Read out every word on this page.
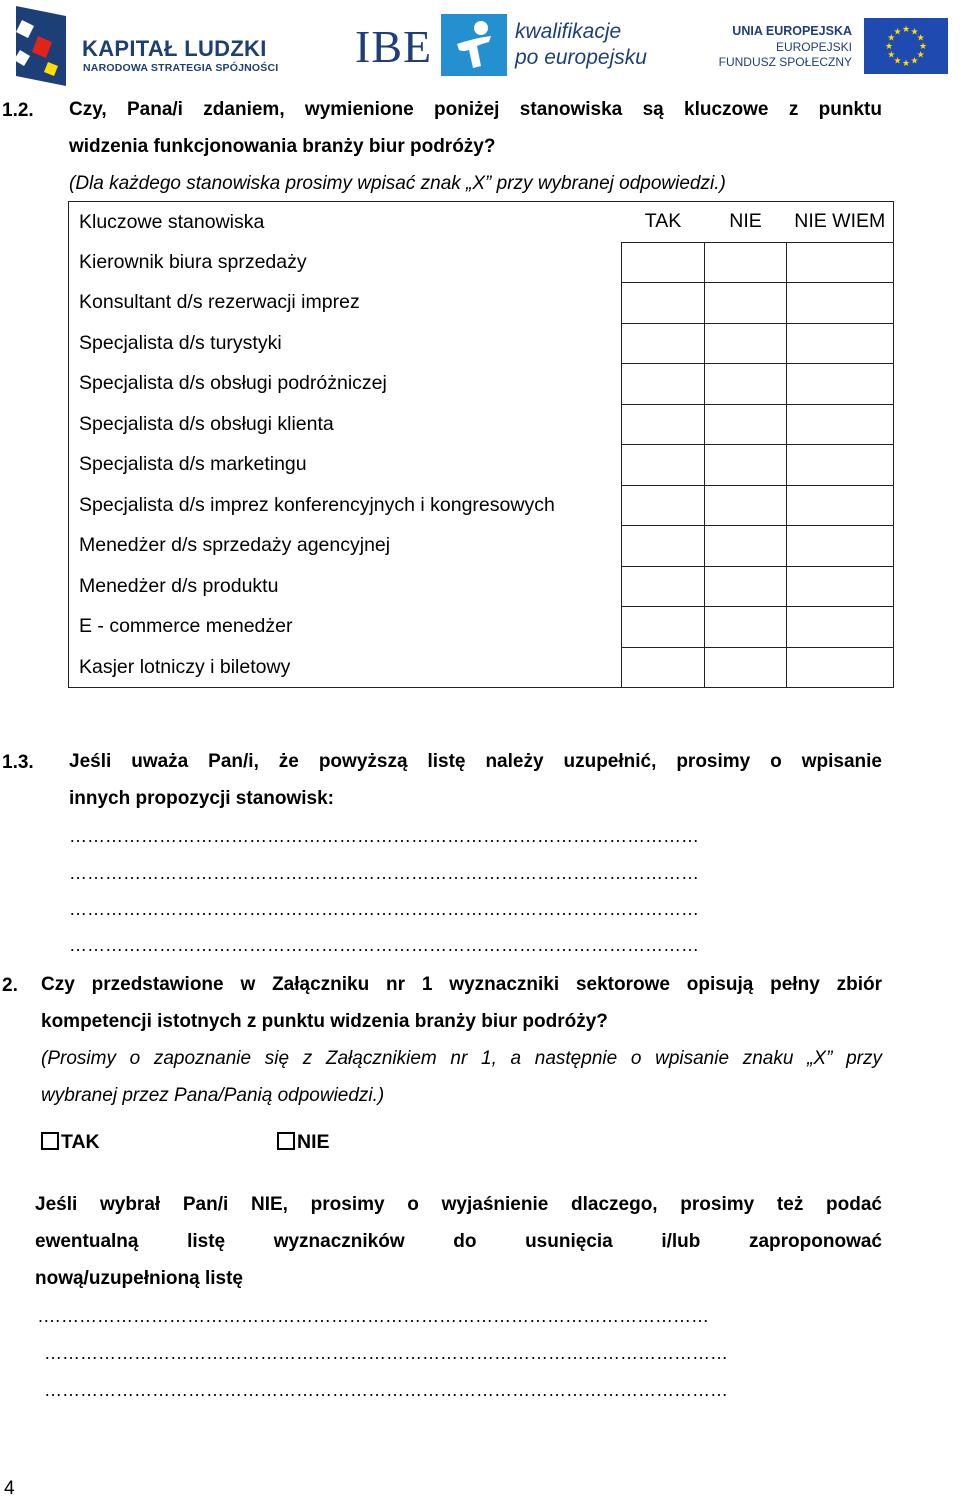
KAPITAŁ LUDZKI
NARODOWA STRATEGIA SPÓJNOŚCI IBE	kwalifikacje
po europejsku
UNIA EUROPEJSKA
EUROPEJSKI
FUNDUSZ SPOŁECZNY
★ ★
★
★
★
★
★
★
★
★
★
★
1.2. Czy, Pana/i zdaniem, wymienione poniżej stanowiska są kluczowe z punktu
widzenia funkcjonowania branży biur podróży?
(Dla każdego stanowiska prosimy wpisać znak „X” przy wybranej odpowiedzi.)
Kluczowe stanowiska	TAK	NIE	NIE WIEM
Kierownik biura sprzedaży			
Konsultant d/s rezerwacji imprez			
Specjalista d/s turystyki			
Specjalista d/s obsługi podróżniczej			
Specjalista d/s obsługi klienta			
Specjalista d/s marketingu			
Specjalista d/s imprez konferencyjnych i kongresowych			
Menedżer d/s sprzedaży agencyjnej			
Menedżer d/s produktu			
E - commerce menedżer			
Kasjer lotniczy i biletowy			
1.3. Jeśli uważa Pan/i, że powyższą listę należy uzupełnić, prosimy o wpisanie
innych propozycji stanowisk:
……………………………………………………………………………………………
……………………………………………………………………………………………
……………………………………………………………………………………………
……………………………………………………………………………………………
2. Czy przedstawione w Załączniku nr 1 wyznaczniki sektorowe opisują pełny zbiór
kompetencji istotnych z punktu widzenia branży biur podróży?
(Prosimy o zapoznanie się z Załącznikiem nr 1, a następnie o wpisanie znaku „X” przy
wybranej przez Pana/Panią odpowiedzi.)
TAK	NIE
Jeśli wybrał Pan/i NIE, prosimy o wyjaśnienie dlaczego, prosimy też podać
ewentualną listę wyznaczników do usunięcia i/lub zaproponować
nową/uzupełnioną listę
.…………………………………………………………………………………………………
……………………………………………………………………………………………………
……………………………………………………………………………………………………
4
